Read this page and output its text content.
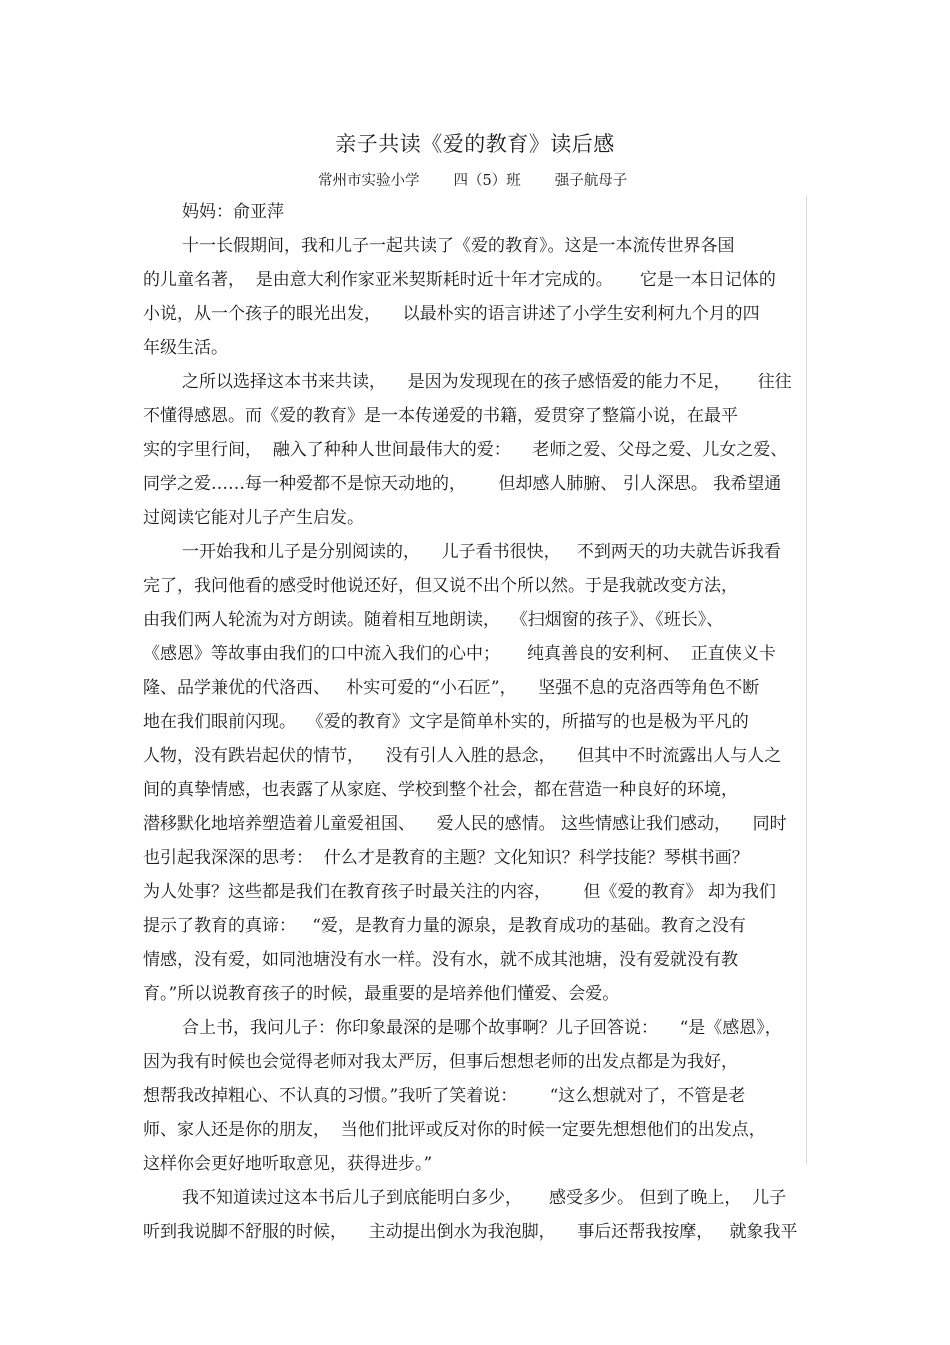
亲子共读《爱的教育》读后感
常州市实验小学 四（5）班 强子航母子
妈妈：俞亚萍
十一长假期间，我和儿子一起共读了《爱的教育》。这是一本流传世界各国
的儿童名著，  是由意大利作家亚米契斯耗时近十年才完成的。     它是一本日记体的
小说，从一个孩子的眼光出发，    以最朴实的语言讲述了小学生安利柯九个月的四
年级生活。
之所以选择这本书来共读，    是因为发现现在的孩子感悟爱的能力不足，     往往
不懂得感恩。而《爱的教育》是一本传递爱的书籍，爱贯穿了整篇小说，在最平
实的字里行间，  融入了种种人世间最伟大的爱：    老师之爱、父母之爱、儿女之爱、
同学之爱……每一种爱都不是惊天动地的，      但却感人肺腑、 引人深思。 我希望通
过阅读它能对儿子产生启发。
一开始我和儿子是分别阅读的，    儿子看书很快，   不到两天的功夫就告诉我看
完了，我问他看的感受时他说还好，但又说不出个所以然。于是我就改变方法，
由我们两人轮流为对方朗读。随着相互地朗读，  《扫烟窗的孩子》、《班长》、
《感恩》等故事由我们的口中流入我们的心中；     纯真善良的安利柯、  正直侠义卡
隆、品学兼优的代洛西、   朴实可爱的“小石匠”，    坚强不息的克洛西等角色不断
地在我们眼前闪现。  《爱的教育》文字是简单朴实的，所描写的也是极为平凡的
人物，没有跌岩起伏的情节，    没有引人入胜的悬念，    但其中不时流露出人与人之
间的真挚情感，也表露了从家庭、学校到整个社会，都在营造一种良好的环境，
潜移默化地培养塑造着儿童爱祖国、    爱人民的感情。 这些情感让我们感动，    同时
也引起我深深的思考：  什么才是教育的主题？文化知识？科学技能？琴棋书画？
为人处事？这些都是我们在教育孩子时最关注的内容，      但《爱的教育》 却为我们
提示了教育的真谛：   “爱，是教育力量的源泉，是教育成功的基础。教育之没有
情感，没有爱，如同池塘没有水一样。没有水，就不成其池塘，没有爱就没有教
育。”所以说教育孩子的时候，最重要的是培养他们懂爱、会爱。
合上书，我问儿子：你印象最深的是哪个故事啊？儿子回答说：    “是《感恩》，
因为我有时候也会觉得老师对我太严厉，但事后想想老师的出发点都是为我好，
想帮我改掉粗心、不认真的习惯。”我听了笑着说：      “这么想就对了，不管是老
师、家人还是你的朋友，  当他们批评或反对你的时候一定要先想想他们的出发点，
这样你会更好地听取意见，获得进步。”
我不知道读过这本书后儿子到底能明白多少，     感受多少。 但到了晚上，  儿子
听到我说脚不舒服的时候，    主动提出倒水为我泡脚，    事后还帮我按摩，   就象我平
